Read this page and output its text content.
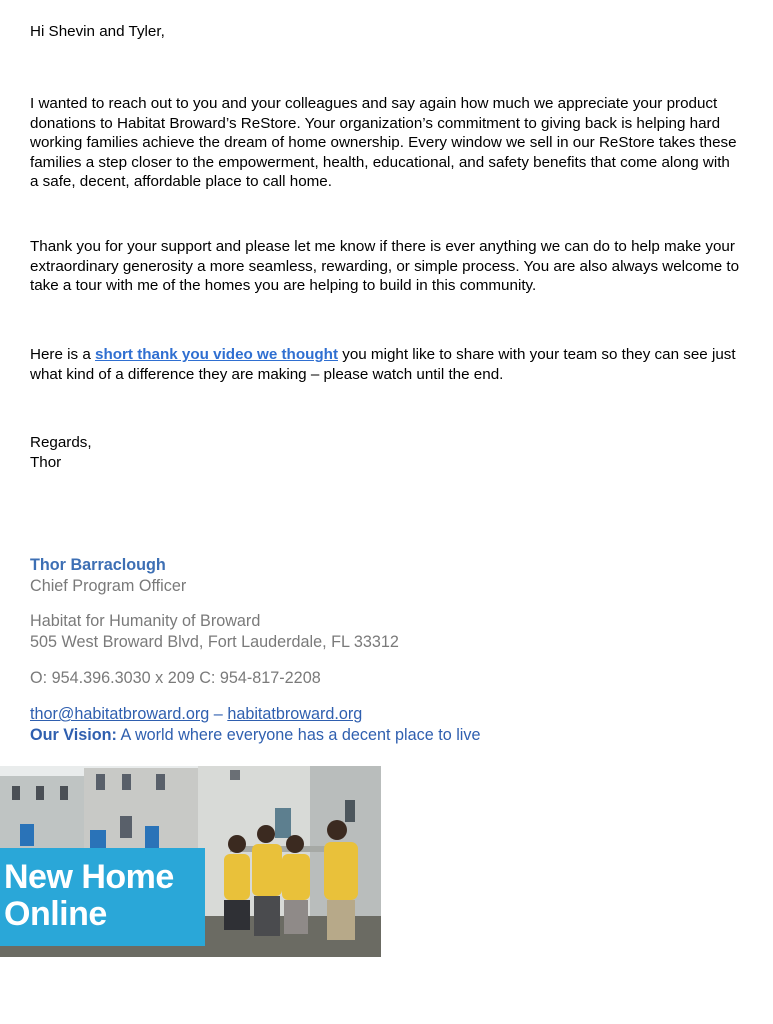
Hi Shevin and Tyler,

I wanted to reach out to you and your colleagues and say again how much we appreciate your product donations to Habitat Broward’s ReStore. Your organization’s commitment to giving back is helping hard working families achieve the dream of home ownership. Every window we sell in our ReStore takes these families a step closer to the empowerment, health, educational, and safety benefits that come along with a safe, decent, affordable place to call home.

Thank you for your support and please let me know if there is ever anything we can do to help make your extraordinary generosity a more seamless, rewarding, or simple process. You are also always welcome to take a tour with me of the homes you are helping to build in this community.

Here is a short thank you video we thought you might like to share with your team so they can see just what kind of a difference they are making – please watch until the end.

Regards,
Thor
Thor Barraclough
Chief Program Officer
Habitat for Humanity of Broward
505 West Broward Blvd, Fort Lauderdale, FL 33312
O: 954.396.3030 x 209 C: 954-817-2208
thor@habitatbroward.org – habitatbroward.org
Our Vision: A world where everyone has a decent place to live
New Home
Online
